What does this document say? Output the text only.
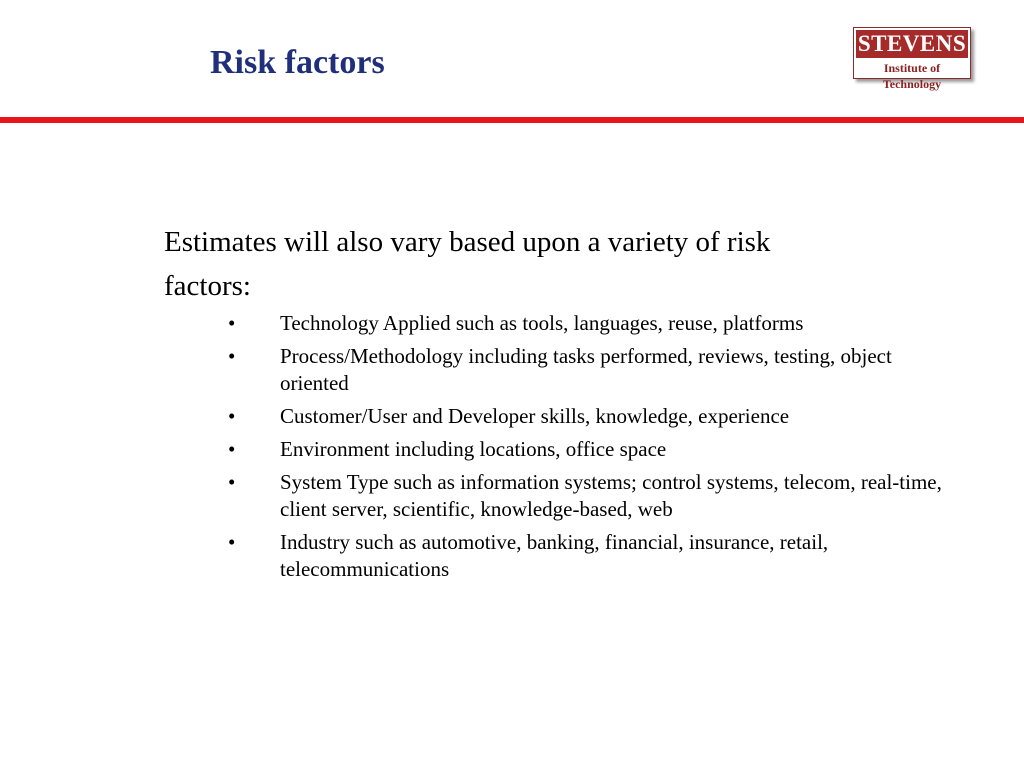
Risk factors
STEVENS
Institute of Technology

Estimates will also vary based upon a variety of risk factors:

• Technology Applied such as tools, languages, reuse, platforms
• Process/Methodology including tasks performed, reviews, testing, object oriented
• Customer/User and Developer skills, knowledge, experience
• Environment including locations, office space
• System Type such as information systems; control systems, telecom, real-time, client server, scientific, knowledge-based, web
• Industry such as automotive, banking, financial, insurance, retail, telecommunications
